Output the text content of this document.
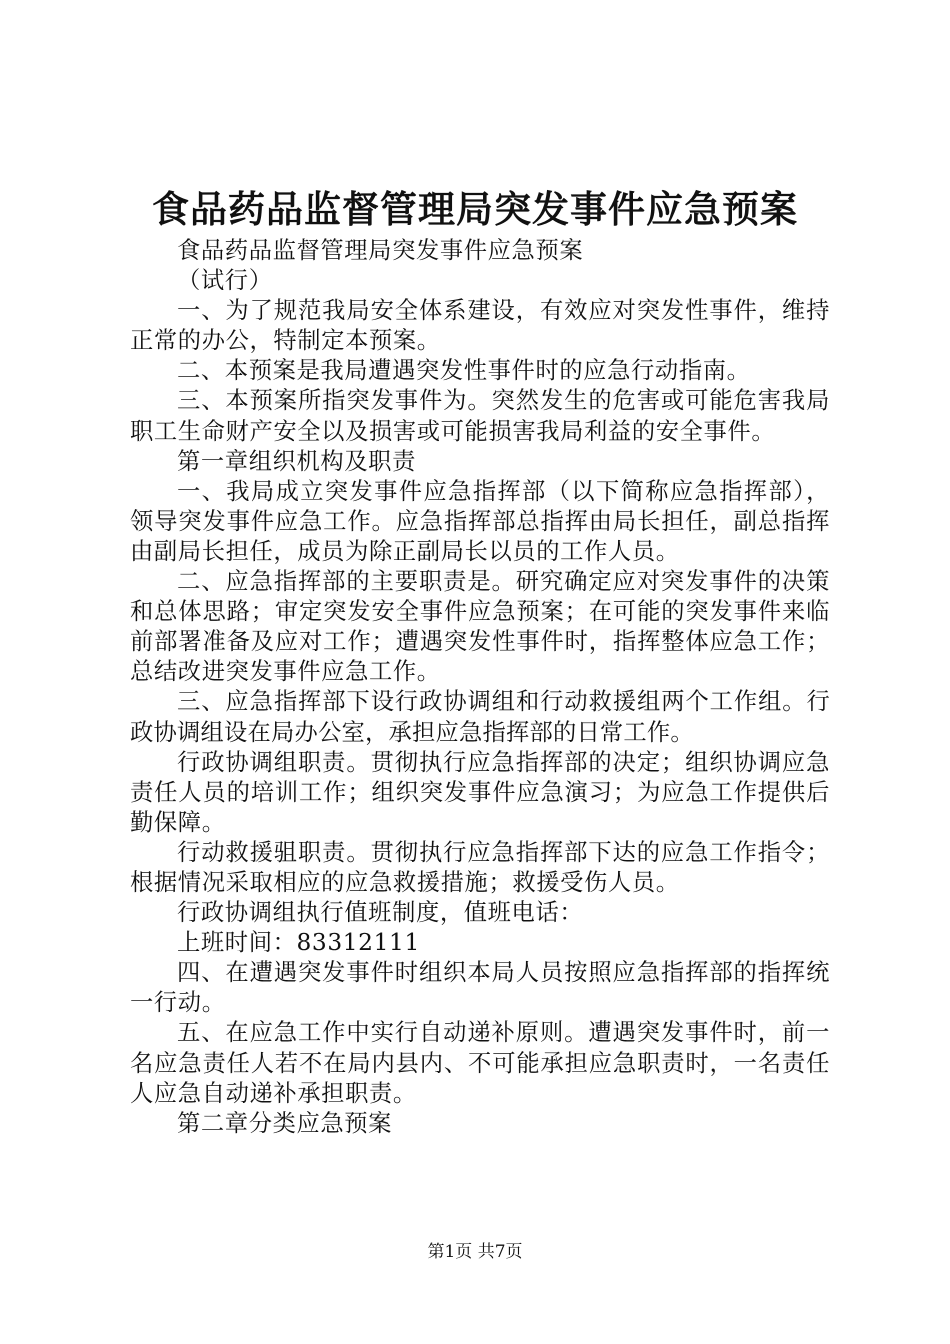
食品药品监督管理局突发事件应急预案

食品药品监督管理局突发事件应急预案

（试行）

一、为了规范我局安全体系建设，有效应对突发性事件，维持正常的办公，特制定本预案。

二、本预案是我局遭遇突发性事件时的应急行动指南。

三、本预案所指突发事件为。突然发生的危害或可能危害我局职工生命财产安全以及损害或可能损害我局利益的安全事件。

第一章组织机构及职责

一、我局成立突发事件应急指挥部（以下简称应急指挥部），领导突发事件应急工作。应急指挥部总指挥由局长担任，副总指挥由副局长担任，成员为除正副局长以员的工作人员。

二、应急指挥部的主要职责是。研究确定应对突发事件的决策和总体思路；审定突发安全事件应急预案；在可能的突发事件来临前部署准备及应对工作；遭遇突发性事件时，指挥整体应急工作；总结改进突发事件应急工作。

三、应急指挥部下设行政协调组和行动救援组两个工作组。行政协调组设在局办公室，承担应急指挥部的日常工作。

行政协调组职责。贯彻执行应急指挥部的决定；组织协调应急责任人员的培训工作；组织突发事件应急演习；为应急工作提供后勤保障。

行动救援驵职责。贯彻执行应急指挥部下达的应急工作指令；根据情况采取相应的应急救援措施；救援受伤人员。

行政协调组执行值班制度，值班电话：

上班时间：83312111

四、在遭遇突发事件时组织本局人员按照应急指挥部的指挥统一行动。

五、在应急工作中实行自动递补原则。遭遇突发事件时，前一名应急责任人若不在局内县内、不可能承担应急职责时，一名责任人应急自动递补承担职责。

第二章分类应急预案

第1页 共7页
